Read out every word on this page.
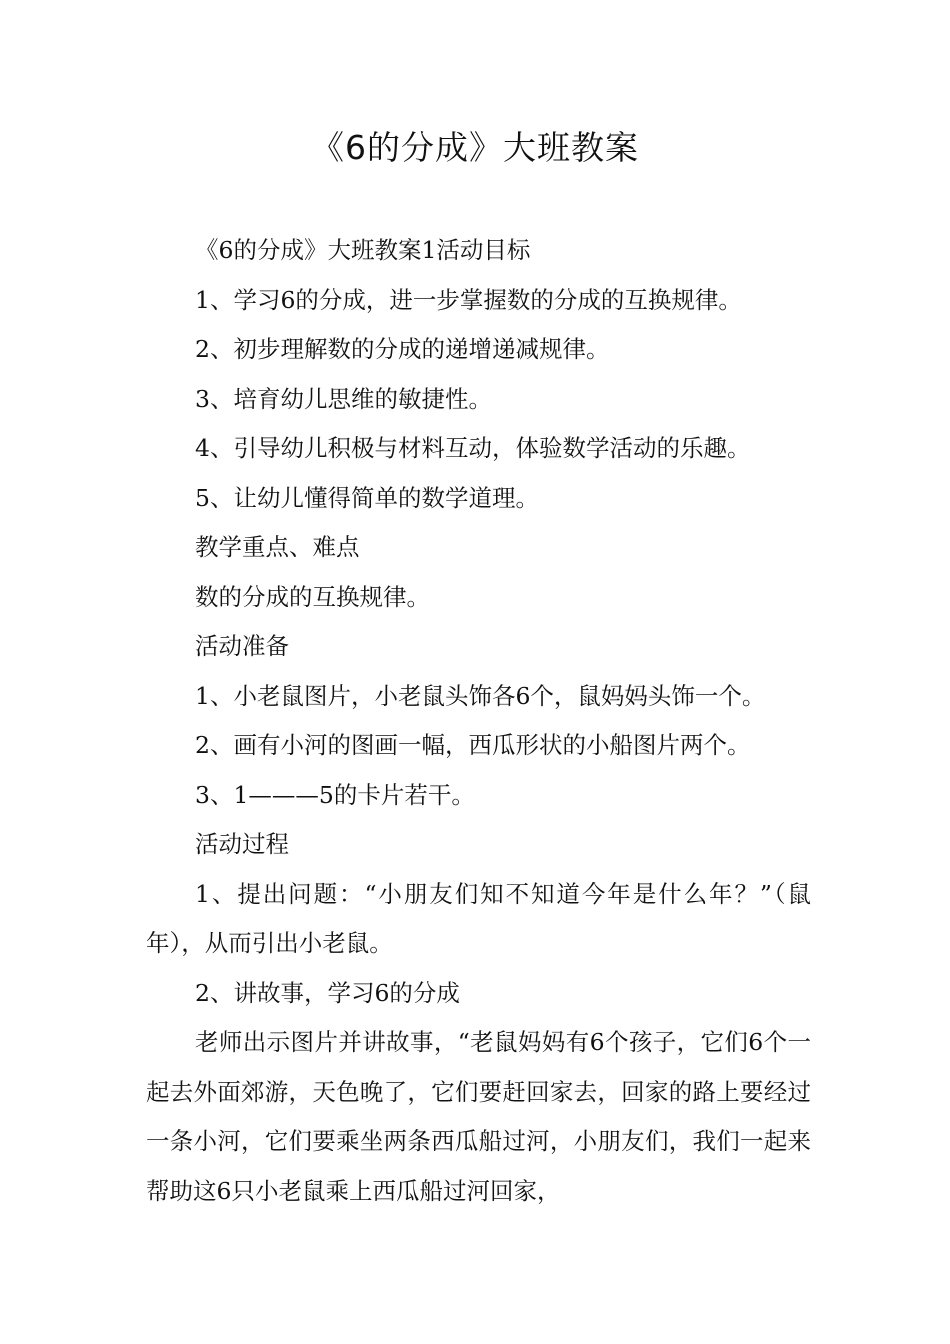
《6的分成》大班教案

《6的分成》大班教案1活动目标

1、学习6的分成，进一步掌握数的分成的互换规律。

2、初步理解数的分成的递增递减规律。

3、培育幼儿思维的敏捷性。

4、引导幼儿积极与材料互动，体验数学活动的乐趣。

5、让幼儿懂得简单的数学道理。

教学重点、难点

数的分成的互换规律。

活动准备

1、小老鼠图片，小老鼠头饰各6个，鼠妈妈头饰一个。

2、画有小河的图画一幅，西瓜形状的小船图片两个。

3、1———5的卡片若干。

活动过程

1、提出问题：“小朋友们知不知道今年是什么年？”（鼠年），从而引出小老鼠。

2、讲故事，学习6的分成

老师出示图片并讲故事，“老鼠妈妈有6个孩子，它们6个一起去外面郊游，天色晚了，它们要赶回家去，回家的路上要经过一条小河，它们要乘坐两条西瓜船过河，小朋友们，我们一起来帮助这6只小老鼠乘上西瓜船过河回家，
